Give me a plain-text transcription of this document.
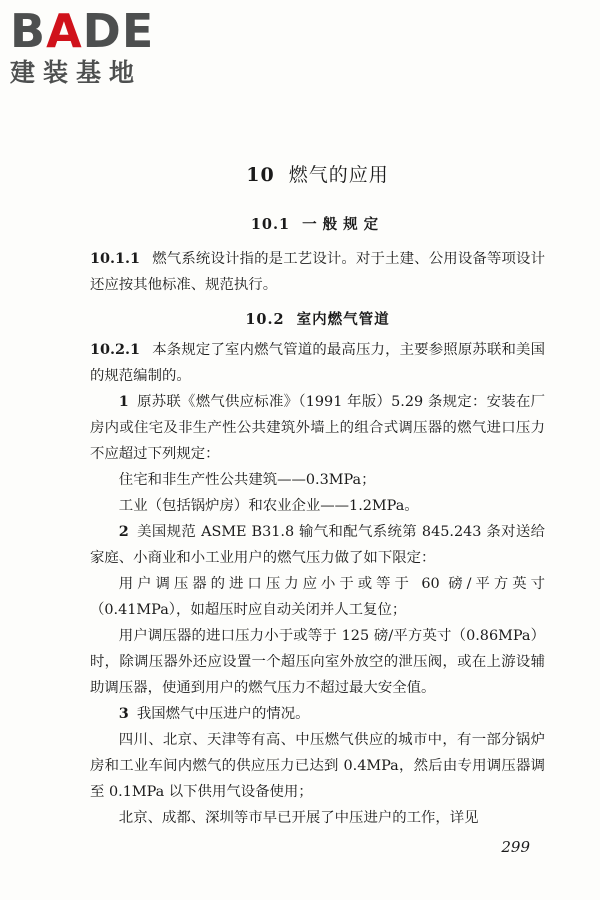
BADE
建装基地
10 燃气的应用
10.1 一般规定

10.1.1 燃气系统设计指的是工艺设计。对于土建、公用设备等项设计还应按其他标准、规范执行。

10.2 室内燃气管道

10.2.1 本条规定了室内燃气管道的最高压力，主要参照原苏联和美国的规范编制的。

1 原苏联《燃气供应标准》（1991 年版）5.29 条规定：安装在厂房内或住宅及非生产性公共建筑外墙上的组合式调压器的燃气进口压力不应超过下列规定：

住宅和非生产性公共建筑——0.3MPa；

工业（包括锅炉房）和农业企业——1.2MPa。

2 美国规范 ASME B31.8 输气和配气系统第 845.243 条对送给家庭、小商业和小工业用户的燃气压力做了如下限定：

用户调压器的进口压力应小于或等于 60 磅/平方英寸（0.41MPa），如超压时应自动关闭并人工复位；

用户调压器的进口压力小于或等于 125 磅/平方英寸（0.86MPa）时，除调压器外还应设置一个超压向室外放空的泄压阀，或在上游设辅助调压器，使通到用户的燃气压力不超过最大安全值。

3 我国燃气中压进户的情况。

四川、北京、天津等有高、中压燃气供应的城市中，有一部分锅炉房和工业车间内燃气的供应压力已达到 0.4MPa，然后由专用调压器调至 0.1MPa 以下供用气设备使用；

北京、成都、深圳等市早已开展了中压进户的工作，详见

299
